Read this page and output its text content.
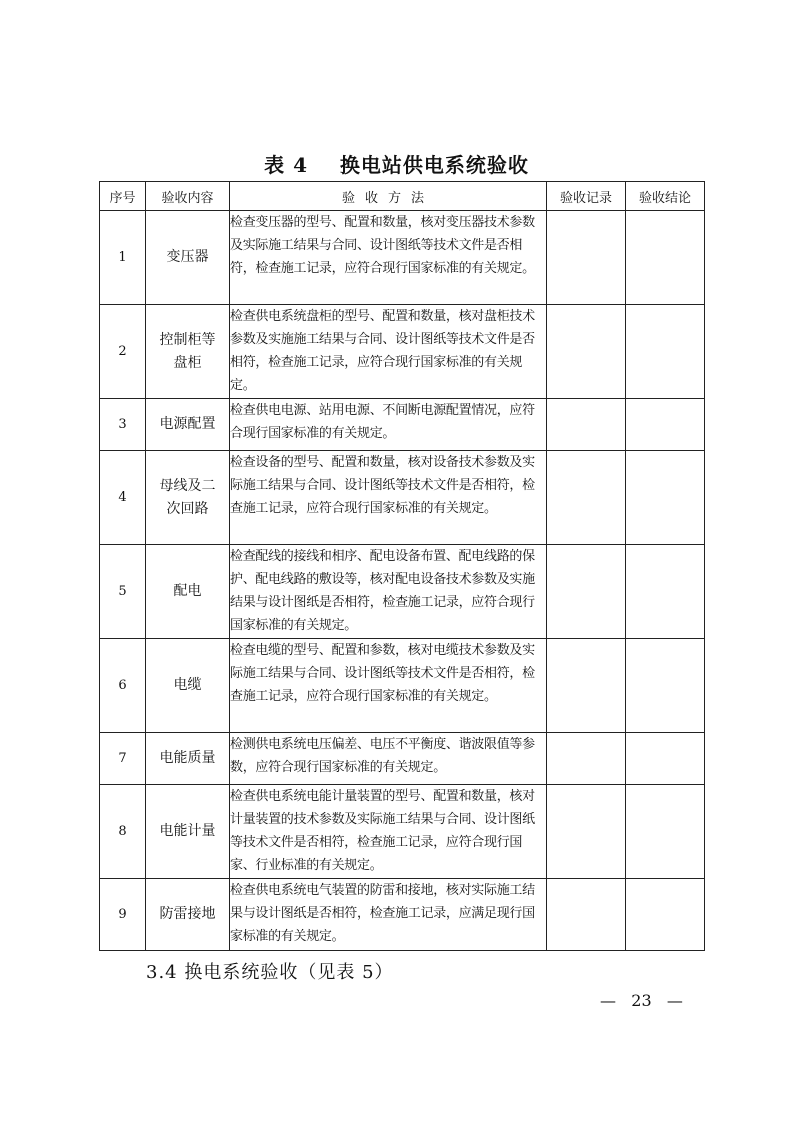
表 4    换电站供电系统验收
序号	验收内容	验收方法	验收记录	验收结论
1	变压器	检查变压器的型号、配置和数量，核对变压器技术参数及实际施工结果与合同、设计图纸等技术文件是否相符，检查施工记录，应符合现行国家标准的有关规定。		
2	控制柜等盘柜	检查供电系统盘柜的型号、配置和数量，核对盘柜技术参数及实施施工结果与合同、设计图纸等技术文件是否相符，检查施工记录，应符合现行国家标准的有关规定。		
3	电源配置	检查供电电源、站用电源、不间断电源配置情况，应符合现行国家标准的有关规定。		
4	母线及二次回路	检查设备的型号、配置和数量，核对设备技术参数及实际施工结果与合同、设计图纸等技术文件是否相符，检查施工记录，应符合现行国家标准的有关规定。		
5	配电	检查配线的接线和相序、配电设备布置、配电线路的保护、配电线路的敷设等，核对配电设备技术参数及实施结果与设计图纸是否相符，检查施工记录，应符合现行国家标准的有关规定。		
6	电缆	检查电缆的型号、配置和参数，核对电缆技术参数及实际施工结果与合同、设计图纸等技术文件是否相符，检查施工记录，应符合现行国家标准的有关规定。		
7	电能质量	检测供电系统电压偏差、电压不平衡度、谐波限值等参数，应符合现行国家标准的有关规定。		
8	电能计量	检查供电系统电能计量装置的型号、配置和数量，核对计量装置的技术参数及实际施工结果与合同、设计图纸等技术文件是否相符，检查施工记录，应符合现行国家、行业标准的有关规定。		
9	防雷接地	检查供电系统电气装置的防雷和接地，核对实际施工结果与设计图纸是否相符，检查施工记录，应满足现行国家标准的有关规定。		
3.4 换电系统验收（见表 5）
—   23   —
